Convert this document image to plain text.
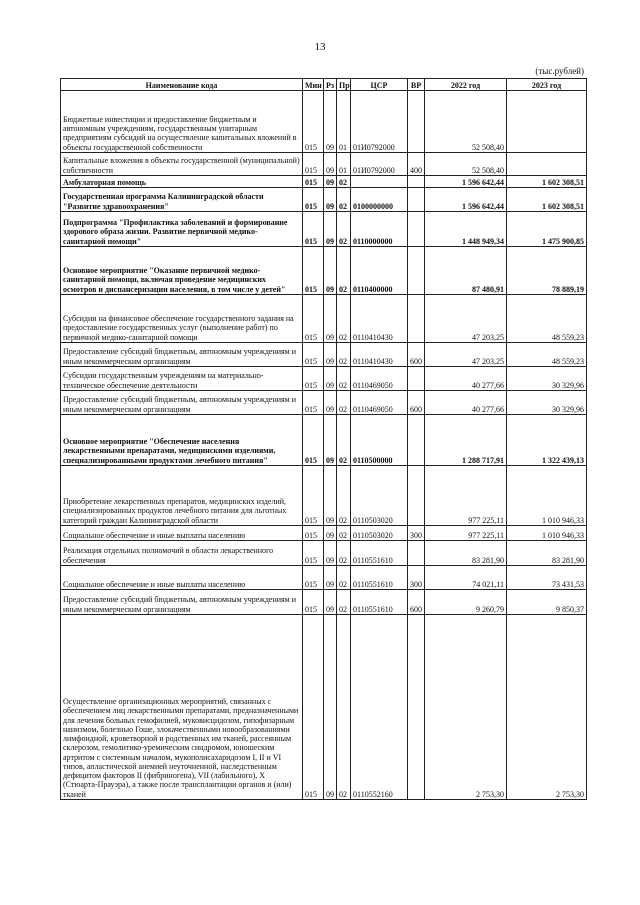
13
(тыс.рублей)
Наименование кода	Мин	Рз	Пр	ЦСР	ВР	2022 год	2023 год
Бюджетные инвестиции и предоставление бюджетным и автономным учреждениям, государственным унитарным предприятиям субсидий на осуществление капитальных вложений в объекты государственной собственности	015	09	01	01И0792000		52 508,40	
Капитальные вложения в объекты государственной (муниципальной) собственности	015	09	01	01И0792000	400	52 508,40	
Амбулаторная помощь	015	09	02			1 596 642,44	1 602 308,51
Государственная программа Калининградской области "Развитие здравоохранения"	015	09	02	0100000000		1 596 642,44	1 602 308,51
Подпрограмма "Профилактика заболеваний и формирование здорового образа жизни. Развитие первичной медико-санитарной помощи"	015	09	02	0110000000		1 448 949,34	1 475 900,85
Основное мероприятие "Оказание первичной медико-санитарной помощи, включая проведение медицинских осмотров и диспансеризации населения, в том числе у детей"	015	09	02	0110400000		87 480,91	78 889,19
Субсидии на финансовое обеспечение государственного задания на предоставление государственных услуг (выполнение работ) по первичной медико-санитарной помощи	015	09	02	0110410430		47 203,25	48 559,23
Предоставление субсидий бюджетным, автономным учреждениям и иным некоммерческим организациям	015	09	02	0110410430	600	47 203,25	48 559,23
Субсидии государственным учреждениям на материально-техническое обеспечение деятельности	015	09	02	0110469050		40 277,66	30 329,96
Предоставление субсидий бюджетным, автономным учреждениям и иным некоммерческим организациям	015	09	02	0110469050	600	40 277,66	30 329,96
Основное мероприятие "Обеспечение населения лекарственными препаратами, медицинскими изделиями, специализированными продуктами лечебного питания"	015	09	02	0110500000		1 288 717,91	1 322 439,13
Приобретение лекарственных препаратов, медицинских изделий, специализированных продуктов лечебного питания для льготных категорий граждан Калининградской области	015	09	02	0110503020		977 225,11	1 010 946,33
Социальное обеспечение и иные выплаты населению	015	09	02	0110503020	300	977 225,11	1 010 946,33
Реализация отдельных полномочий в области лекарственного обеспечения	015	09	02	0110551610		83 281,90	83 281,90
Социальное обеспечение и иные выплаты населению	015	09	02	0110551610	300	74 021,11	73 431,53
Предоставление субсидий бюджетным, автономным учреждениям и иным некоммерческим организациям	015	09	02	0110551610	600	9 260,79	9 850,37
Осуществление организационных мероприятий, связанных с обеспечением лиц лекарственными препаратами, предназначенными для лечения больных гемофилией, муковисцидозом, гипофизарным нанизмом, болезнью Гоше, злокачественными новообразованиями лимфоидной, кроветворной и родственных им тканей, рассеянным склерозом, гемолитико-уремическим синдромом, юношеским артритом с системным началом, мукополисахаридозом I, II и VI типов, апластической анемией неуточненной, наследственным дефицитом факторов II (фибриногена), VII (лабильного), X (Стюарта-Прауэра), а также после трансплантации органов и (или) тканей	015	09	02	0110552160		2 753,30	2 753,30
